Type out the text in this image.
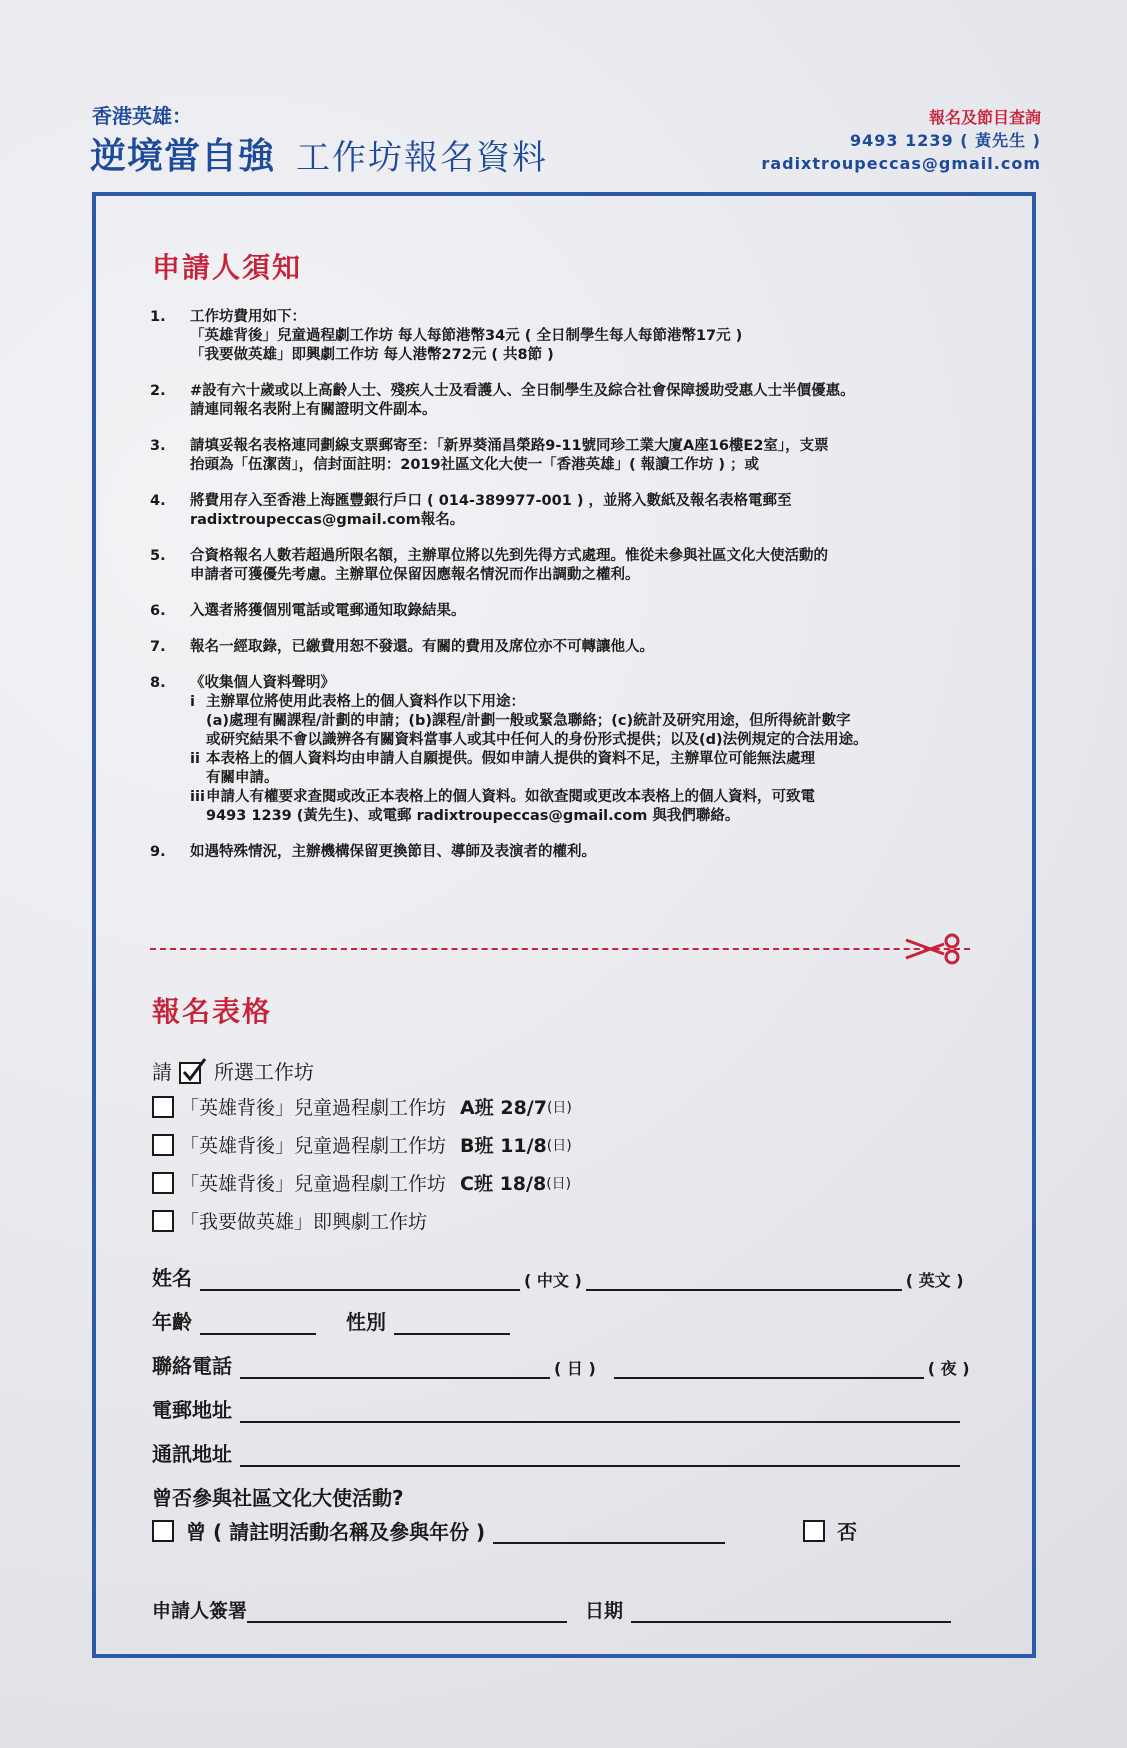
香港英雄：
逆境當自強 工作坊報名資料
報名及節目查詢
9493 1239 ( 黃先生 )
radixtroupeccas@gmail.com
申請人須知
1.	工作坊費用如下：

「英雄背後」兒童過程劇工作坊 每人每節港幣34元 ( 全日制學生每人每節港幣17元 )

「我要做英雄」即興劇工作坊 每人港幣272元 ( 共8節 )

2.	#設有六十歲或以上高齡人士、殘疾人士及看護人、全日制學生及綜合社會保障援助受惠人士半價優惠。

請連同報名表附上有關證明文件副本。

3.	請填妥報名表格連同劃線支票郵寄至：「新界葵涌昌榮路9-11號同珍工業大廈A座16樓E2室」，支票

抬頭為「伍潔茵」，信封面註明：2019社區文化大使一「香港英雄」( 報讀工作坊 ) ；或

4.	將費用存入至香港上海匯豐銀行戶口 ( 014-389977-001 ) ，並將入數紙及報名表格電郵至

radixtroupeccas@gmail.com報名。

5.	合資格報名人數若超過所限名額，主辦單位將以先到先得方式處理。惟從未參與社區文化大使活動的

申請者可獲優先考慮。主辦單位保留因應報名情況而作出調動之權利。

6.	入選者將獲個別電話或電郵通知取錄結果。

7.	報名一經取錄，已繳費用恕不發還。有關的費用及席位亦不可轉讓他人。

8.	《收集個人資料聲明》

i 主辦單位將使用此表格上的個人資料作以下用途：

(a)處理有關課程/計劃的申請；(b)課程/計劃一般或緊急聯絡；(c)統計及研究用途，但所得統計數字

或研究結果不會以識辨各有關資料當事人或其中任何人的身份形式提供；以及(d)法例規定的合法用途。

ii 本表格上的個人資料均由申請人自願提供。假如申請人提供的資料不足，主辦單位可能無法處理

有關申請。

iii 申請人有權要求查閱或改正本表格上的個人資料。如欲查閱或更改本表格上的個人資料，可致電

9493 1239 (黃先生)、或電郵 radixtroupeccas@gmail.com 與我們聯絡。

9.	如遇特殊情況，主辦機構保留更換節目、導師及表演者的權利。

報名表格
請 所選工作坊
「英雄背後」 兒童過程劇工作坊 A班 28/7 (日)
「英雄背後」 兒童過程劇工作坊 B班 11/8 (日)
「英雄背後」 兒童過程劇工作坊 C班 18/8 (日)
「我要做英雄」 即興劇工作坊
姓名	( 中文 )	( 英文 )
年齡	性別
聯絡電話	( 日 )	( 夜 )
電郵地址
通訊地址
曾否參與社區文化大使活動?
曾 ( 請註明活動名稱及參與年份 )	否
申請人簽署	日期
